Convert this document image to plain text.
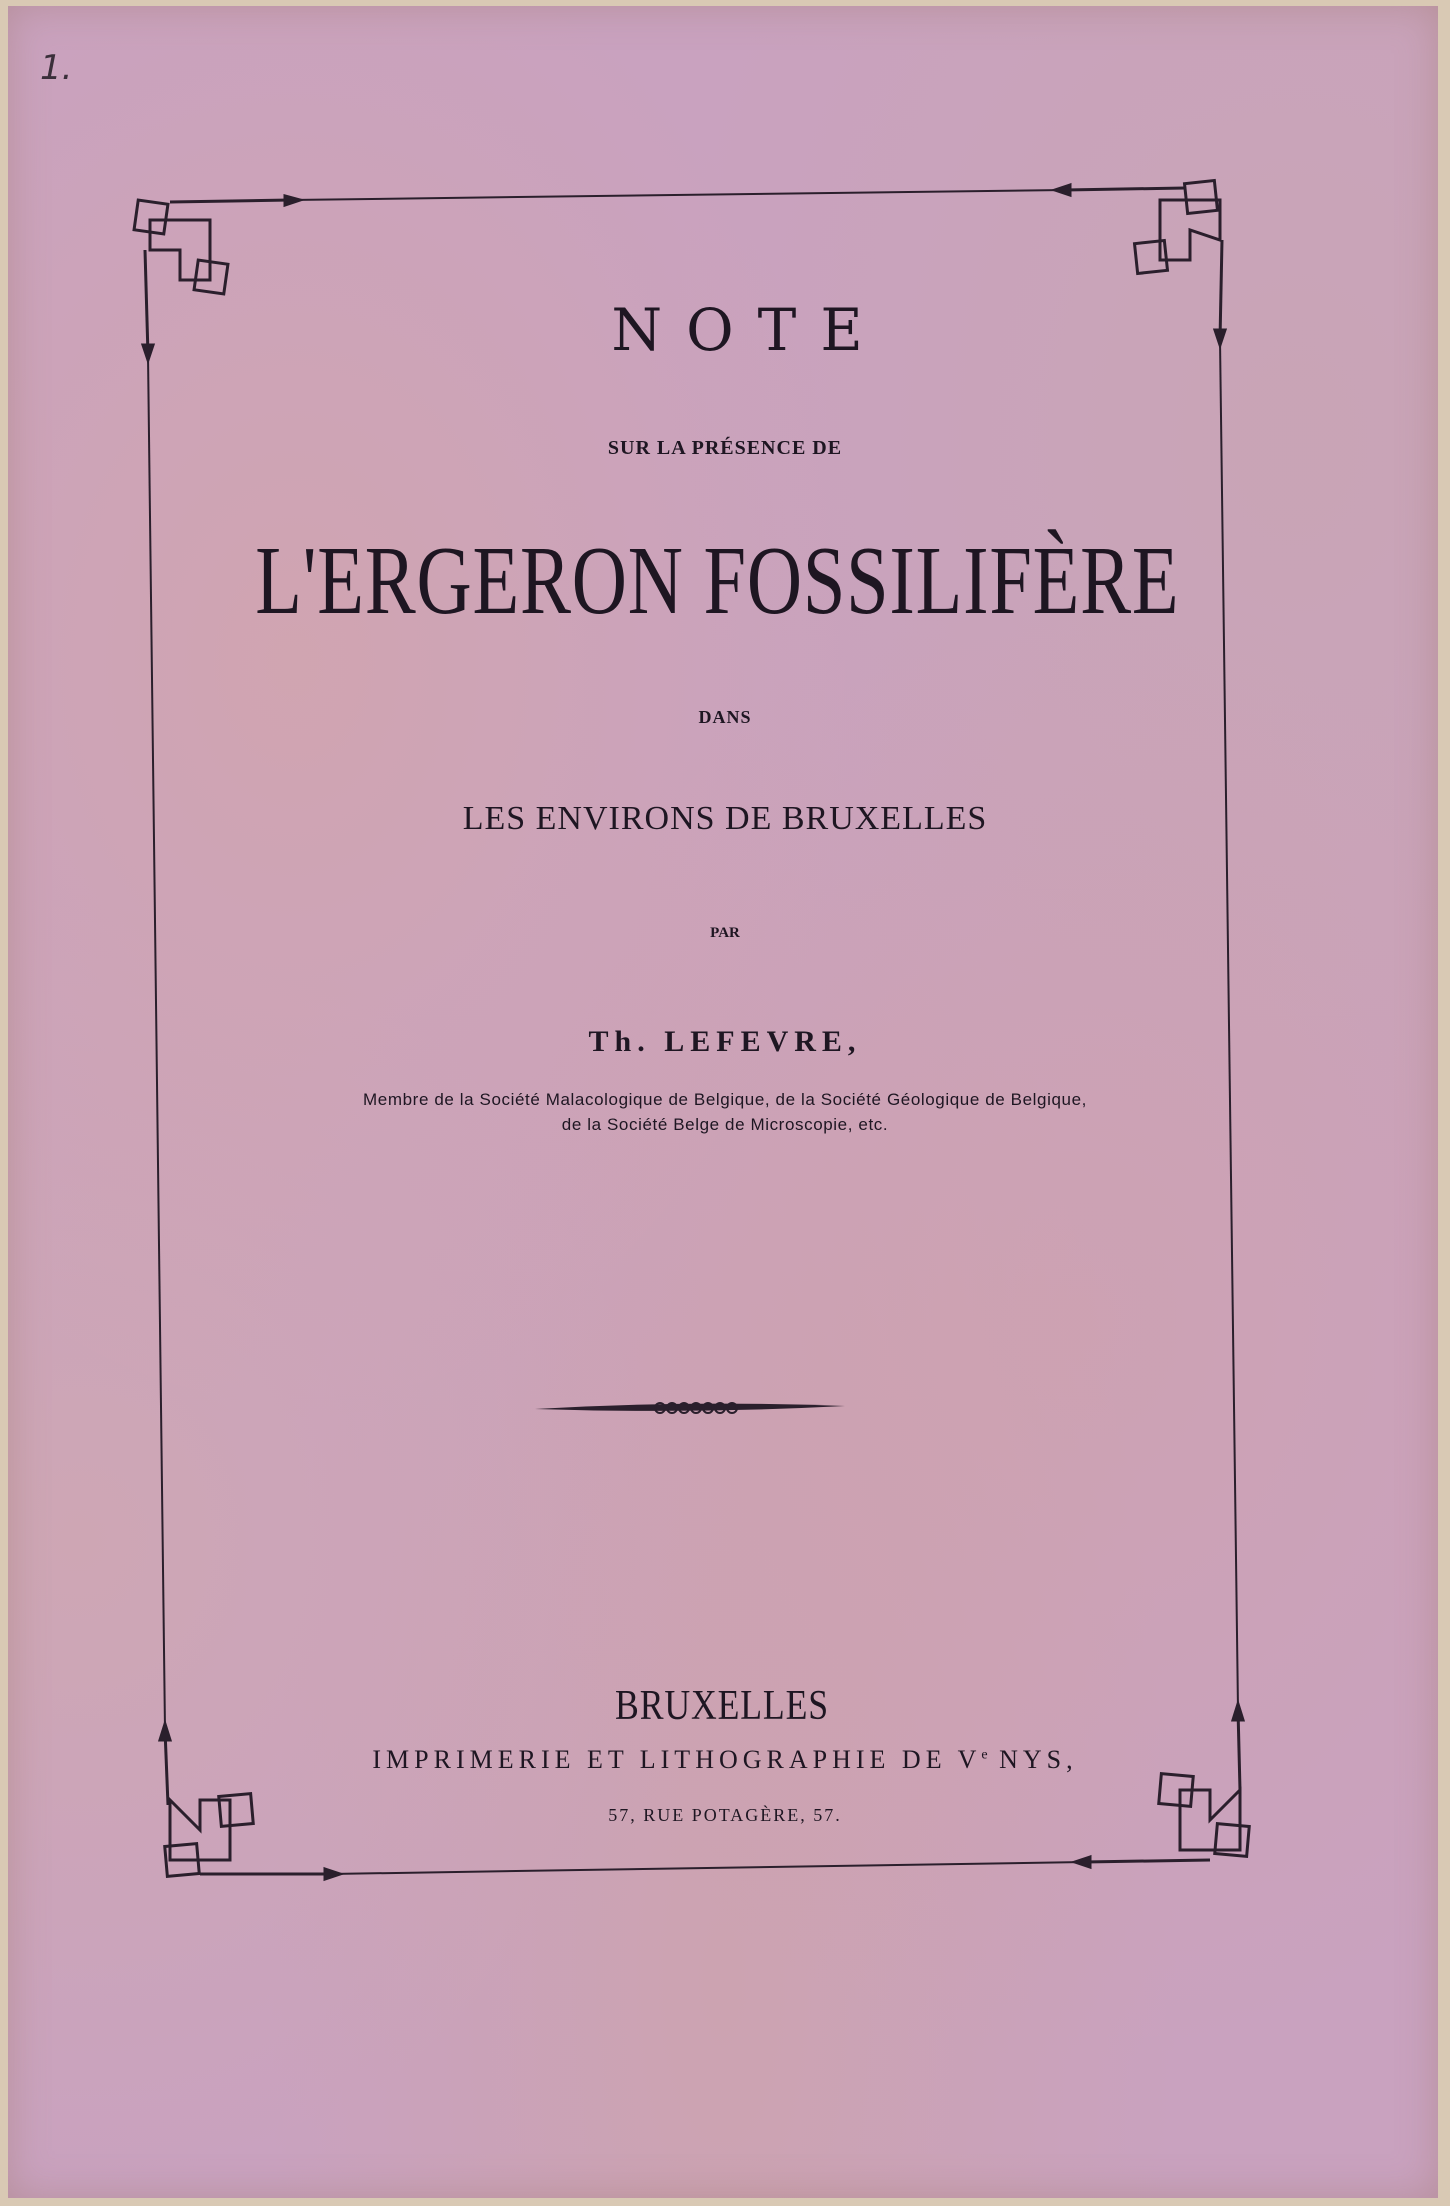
1.
NOTE
SUR LA PRÉSENCE DE
L'ERGERON FOSSILIFÈRE
DANS
LES ENVIRONS DE BRUXELLES
PAR
Th. LEFEVRE,
Membre de la Société Malacologique de Belgique, de la Société Géologique de Belgique,
de la Société Belge de Microscopie, etc.
BRUXELLES
IMPRIMERIE ET LITHOGRAPHIE DE Ve NYS,
57, RUE POTAGÈRE, 57.
